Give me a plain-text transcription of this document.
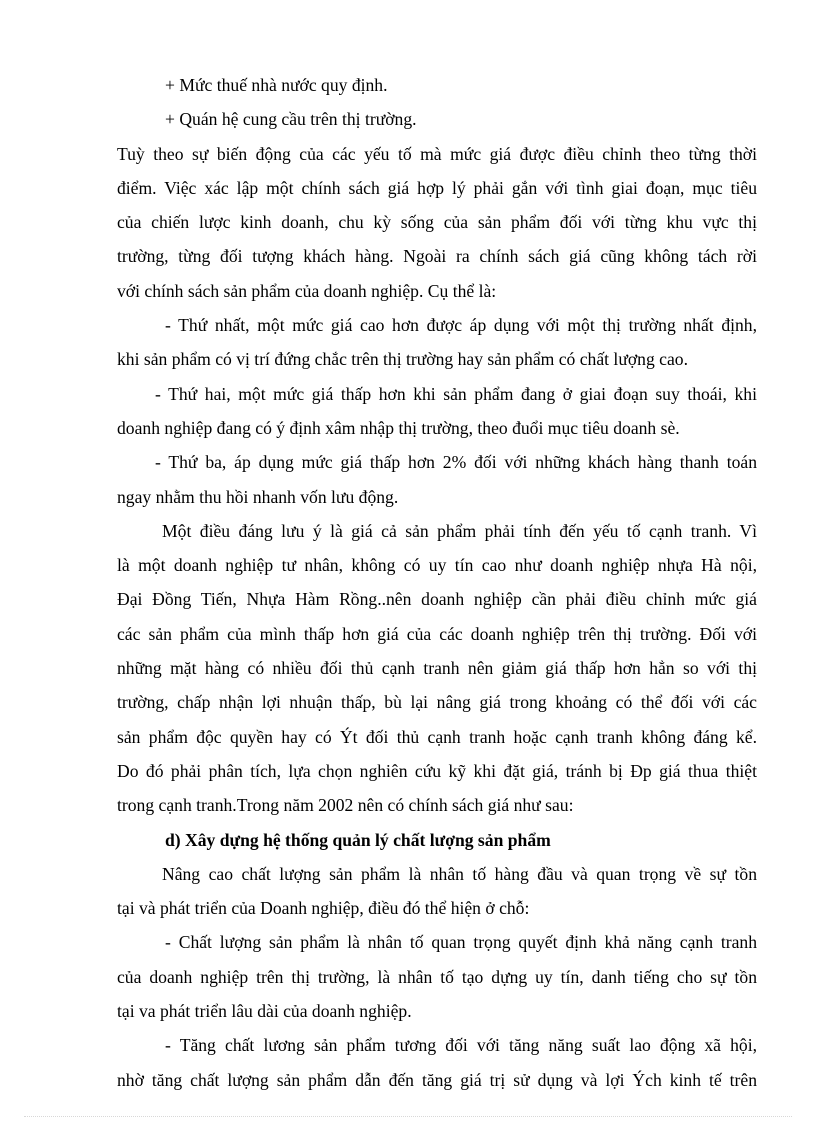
+ Mức thuế nhà nước quy định.
+ Quán hệ cung cầu trên thị trường.
Tuỳ theo sự biến động của các yếu tố mà mức giá được điều chỉnh theo từng thời
điểm. Việc xác lập một chính sách giá hợp lý phải gắn với tình giai đoạn, mục tiêu
của chiến lược kinh doanh, chu kỳ sống của sản phẩm đối với từng khu vực thị
trường, từng đối tượng khách hàng. Ngoài ra chính sách giá cũng không tách rời
với chính sách sản phẩm của doanh nghiệp. Cụ thể là:
- Thứ nhất, một mức giá cao hơn được áp dụng với một thị trường nhất định,
khi sản phẩm có vị trí đứng chắc trên thị trường hay sản phẩm có chất lượng cao.
- Thứ hai, một mức giá thấp hơn khi sản phẩm đang ở giai đoạn suy thoái, khi
doanh nghiệp đang có ý định xâm nhập thị trường, theo đuổi mục tiêu doanh sè.
- Thứ ba, áp dụng mức giá thấp hơn 2% đối với những khách hàng thanh toán
ngay nhằm thu hồi nhanh vốn lưu động.
Một điều đáng lưu ý là giá cả sản phẩm phải tính đến yếu tố cạnh tranh. Vì
là một doanh nghiệp tư nhân, không có uy tín cao như doanh nghiệp nhựa Hà nội,
Đại Đồng Tiến, Nhựa Hàm Rồng..nên doanh nghiệp cần phải điều chỉnh mức giá
các sản phẩm của mình thấp hơn giá của các doanh nghiệp trên thị trường. Đối với
những mặt hàng có nhiều đối thủ cạnh tranh nên giảm giá thấp hơn hẳn so với thị
trường, chấp nhận lợi nhuận thấp, bù lại nâng giá trong khoảng có thể đối với các
sản phẩm độc quyền hay có Ýt đối thủ cạnh tranh hoặc cạnh tranh không đáng kể.
Do đó phải phân tích, lựa chọn nghiên cứu kỹ khi đặt giá, tránh bị Ðp giá thua thiệt
trong cạnh tranh.Trong năm 2002 nên có chính sách giá như sau:
d) Xây dựng hệ thống quản lý chất lượng sản phẩm
Nâng cao chất lượng sản phẩm là nhân tố hàng đầu và quan trọng về sự tồn
tại và phát triển của Doanh nghiệp, điều đó thể hiện ở chỗ:
- Chất lượng sản phẩm là nhân tố quan trọng quyết định khả năng cạnh tranh
của doanh nghiệp trên thị trường, là nhân tố tạo dựng uy tín, danh tiếng cho sự tồn
tại va phát triển lâu dài của doanh nghiệp.
- Tăng chất lương sản phẩm tương đối với tăng năng suất lao động xã hội,
nhờ tăng chất lượng sản phẩm dẫn đến tăng giá trị sử dụng và lợi Ých kinh tế trên
